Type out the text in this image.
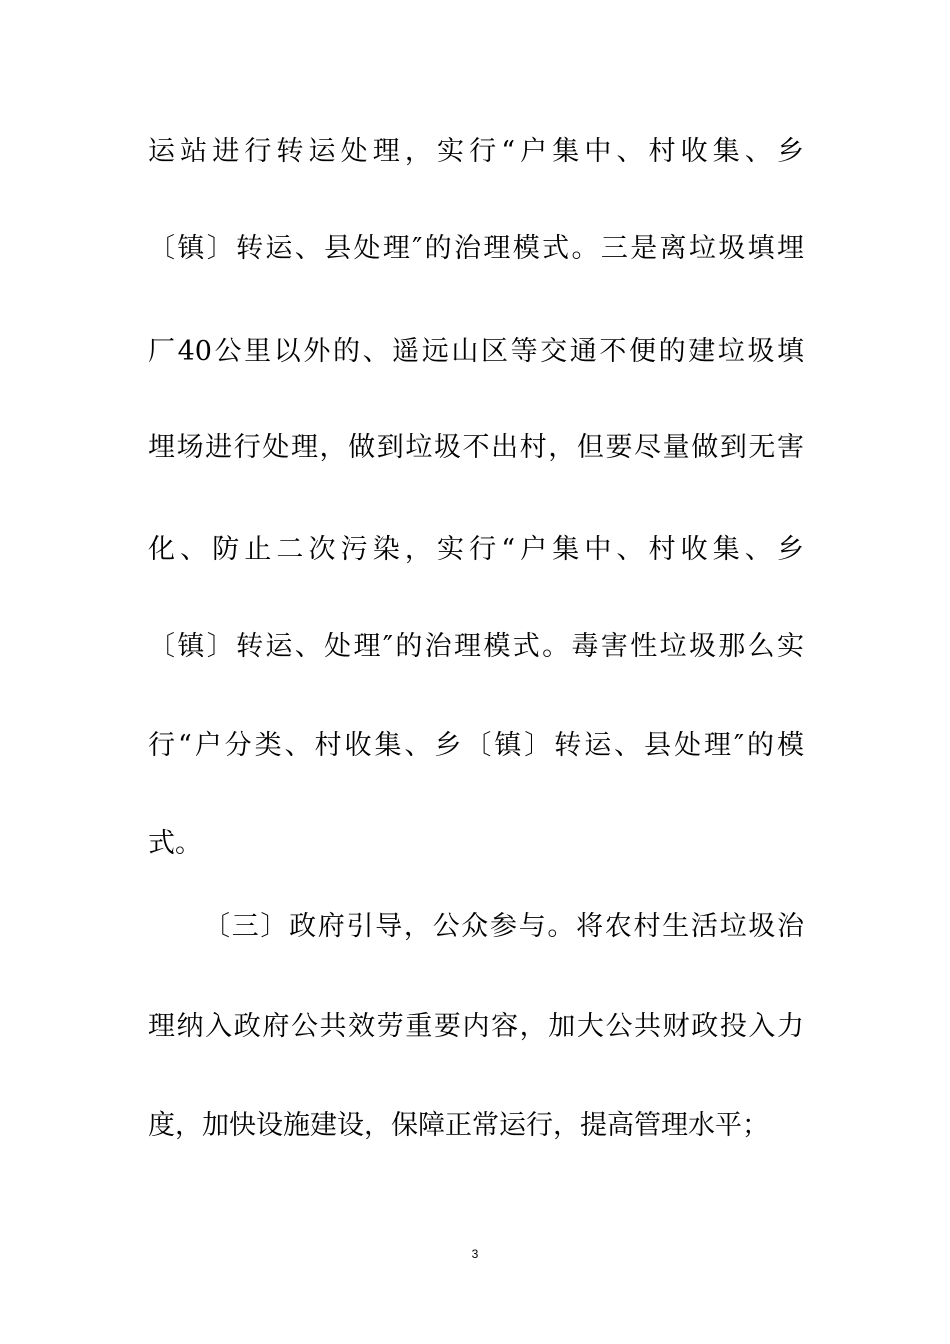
运站进行转运处理，实行“户集中、村收集、乡
〔镇〕转运、县处理″的治理模式。三是离垃圾填埋
厂40公里以外的、遥远山区等交通不便的建垃圾填
埋场进行处理，做到垃圾不出村，但要尽量做到无害
化、防止二次污染，实行“户集中、村收集、乡
〔镇〕转运、处理″的治理模式。毒害性垃圾那么实
行“户分类、村收集、乡〔镇〕转运、县处理″的模
式。
〔三〕政府引导，公众参与。将农村生活垃圾治
理纳入政府公共效劳重要内容，加大公共财政投入力
度，加快设施建设，保障正常运行，提高管理水平；
3
